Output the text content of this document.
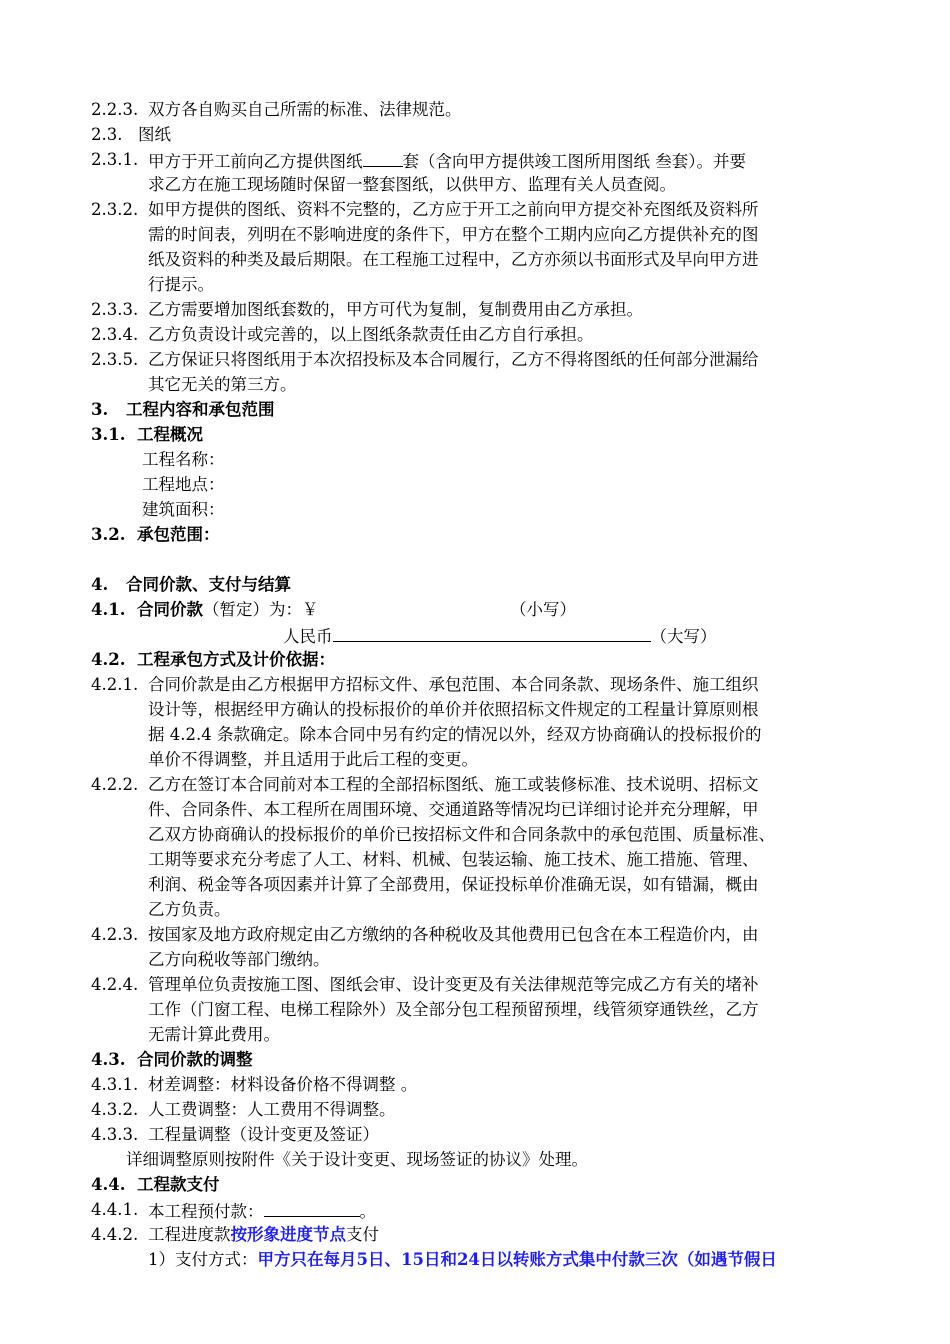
2.2.3. 双方各自购买自己所需的标准、法律规范。
2.3. 图纸
2.3.1. 甲方于开工前向乙方提供图纸 套（含向甲方提供竣工图所用图纸 叁套）。并要
求乙方在施工现场随时保留一整套图纸，以供甲方、监理有关人员查阅。
2.3.2. 如甲方提供的图纸、资料不完整的，乙方应于开工之前向甲方提交补充图纸及资料所
需的时间表，列明在不影响进度的条件下，甲方在整个工期内应向乙方提供补充的图
纸及资料的种类及最后期限。在工程施工过程中，乙方亦须以书面形式及早向甲方进
行提示。
2.3.3. 乙方需要增加图纸套数的，甲方可代为复制，复制费用由乙方承担。
2.3.4. 乙方负责设计或完善的，以上图纸条款责任由乙方自行承担。
2.3.5. 乙方保证只将图纸用于本次招投标及本合同履行，乙方不得将图纸的任何部分泄漏给
其它无关的第三方。
3. 工程内容和承包范围
3.1. 工程概况
工程名称：
工程地点：
建筑面积：
3.2. 承包范围：
4. 合同价款、支付与结算
4.1. 合同价款（暂定）为：￥	（小写）
人民币	（大写）
4.2. 工程承包方式及计价依据：
4.2.1. 合同价款是由乙方根据甲方招标文件、承包范围、本合同条款、现场条件、施工组织
设计等，根据经甲方确认的投标报价的单价并依照招标文件规定的工程量计算原则根
据 4.2.4 条款确定。除本合同中另有约定的情况以外，经双方协商确认的投标报价的
单价不得调整，并且适用于此后工程的变更。
4.2.2. 乙方在签订本合同前对本工程的全部招标图纸、施工或装修标准、技术说明、招标文
件、合同条件、本工程所在周围环境、交通道路等情况均已详细讨论并充分理解，甲
乙双方协商确认的投标报价的单价已按招标文件和合同条款中的承包范围、质量标准、
工期等要求充分考虑了人工、材料、机械、包装运输、施工技术、施工措施、管理、
利润、税金等各项因素并计算了全部费用，保证投标单价准确无误，如有错漏，概由
乙方负责。
4.2.3. 按国家及地方政府规定由乙方缴纳的各种税收及其他费用已包含在本工程造价内，由
乙方向税收等部门缴纳。
4.2.4. 管理单位负责按施工图、图纸会审、设计变更及有关法律规范等完成乙方有关的堵补
工作（门窗工程、电梯工程除外）及全部分包工程预留预埋，线管须穿通铁丝，乙方
无需计算此费用。
4.3. 合同价款的调整
4.3.1. 材差调整：材料设备价格不得调整 。
4.3.2. 人工费调整：人工费用不得调整。
4.3.3. 工程量调整（设计变更及签证）
详细调整原则按附件《关于设计变更、现场签证的协议》处理。
4.4. 工程款支付
4.4.1. 本工程预付款：	。
4.4.2. 工程进度款按形象进度节点支付
1）支付方式：甲方只在每月5日、15日和24日以转账方式集中付款三次（如遇节假日
